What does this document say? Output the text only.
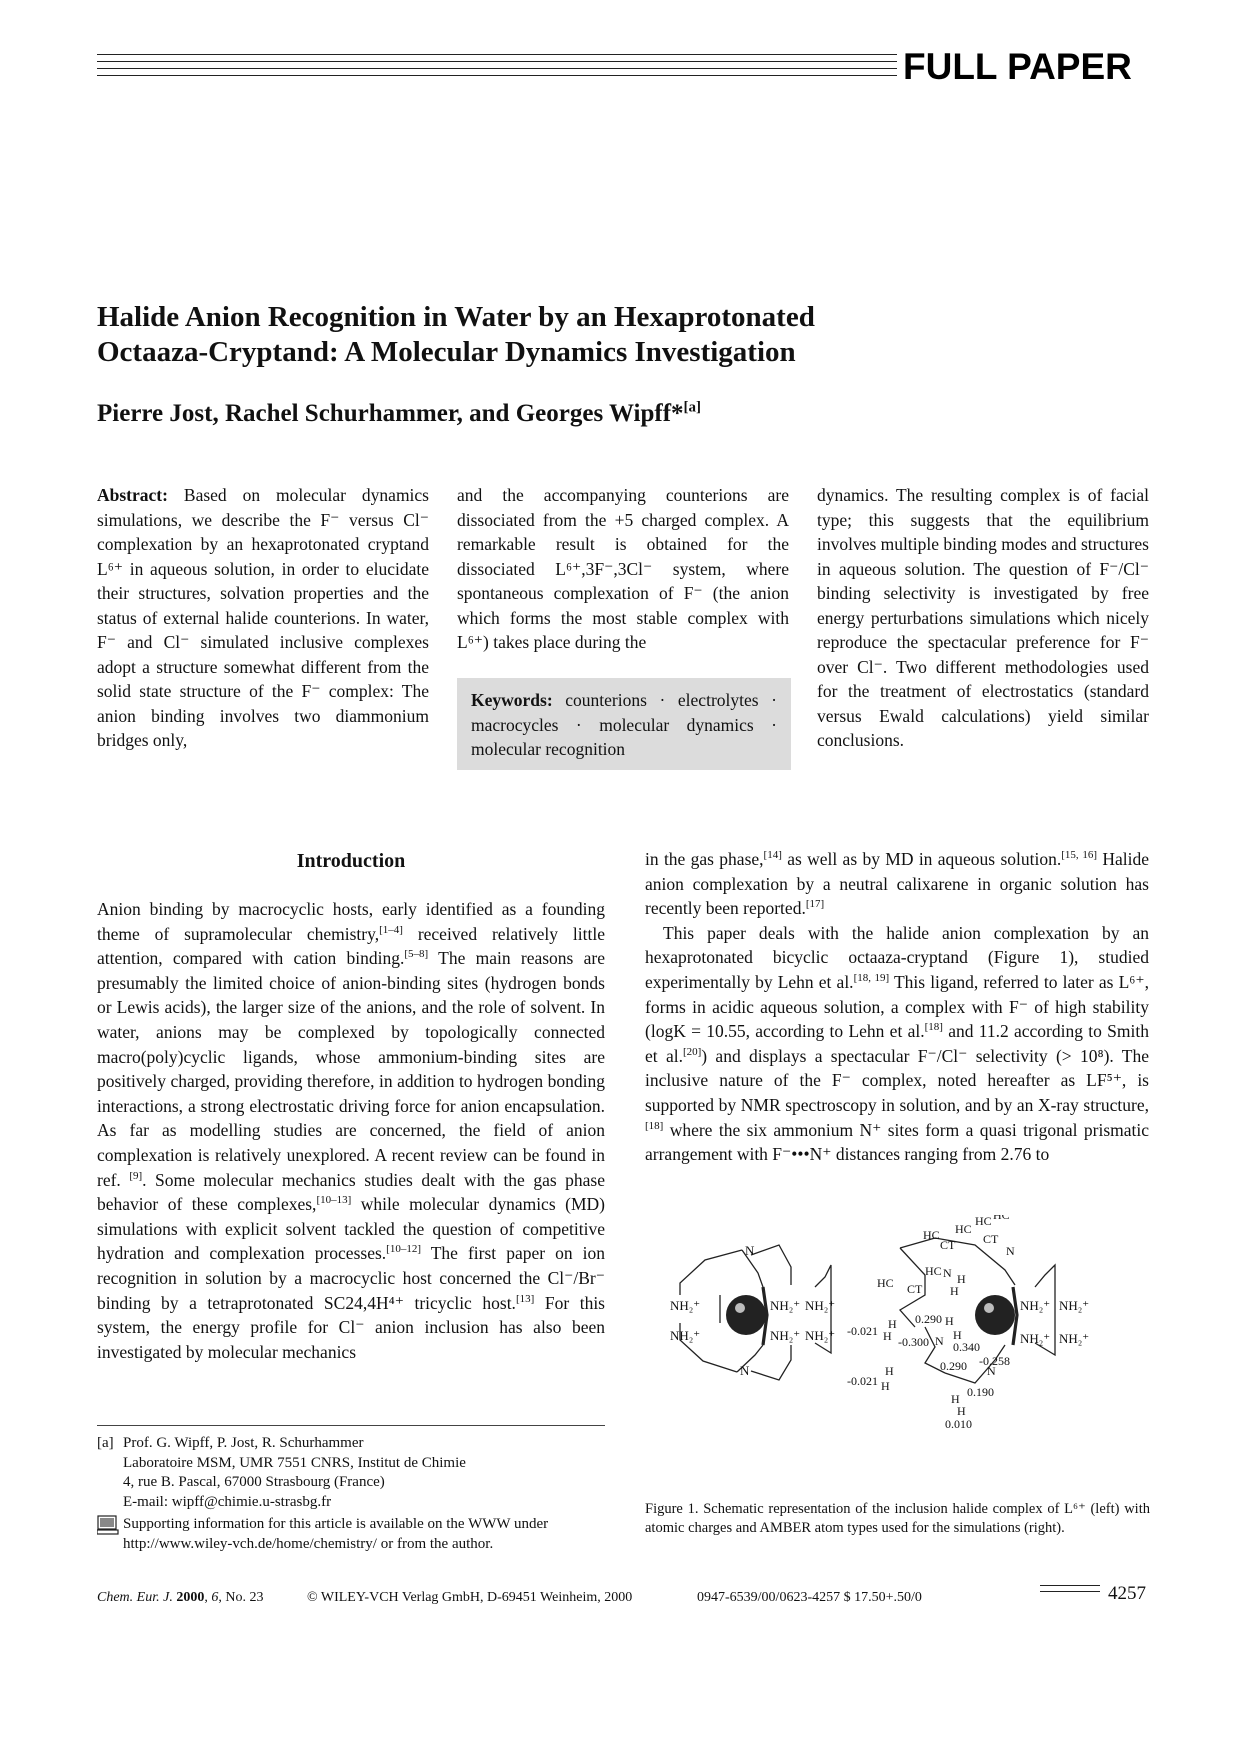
FULL PAPER
Halide Anion Recognition in Water by an Hexaprotonated
Octaaza-Cryptand: A Molecular Dynamics Investigation
Pierre Jost, Rachel Schurhammer, and Georges Wipff*[a]
Abstract: Based on molecular dynamics simulations, we describe the F⁻ versus Cl⁻ complexation by an hexaprotonated cryptand L⁶⁺ in aqueous solution, in order to elucidate their structures, solvation properties and the status of external halide counterions. In water, F⁻ and Cl⁻ simulated inclusive complexes adopt a structure somewhat different from the solid state structure of the F⁻ complex: The anion binding involves two diammonium bridges only,
and the accompanying counterions are dissociated from the +5 charged complex. A remarkable result is obtained for the dissociated L⁶⁺,3F⁻,3Cl⁻ system, where spontaneous complexation of F⁻ (the anion which forms the most stable complex with L⁶⁺) takes place during the
Keywords: counterions · electrolytes · macrocycles · molecular dynamics · molecular recognition
dynamics. The resulting complex is of facial type; this suggests that the equilibrium involves multiple binding modes and structures in aqueous solution. The question of F⁻/Cl⁻ binding selectivity is investigated by free energy perturbations simulations which nicely reproduce the spectacular preference for F⁻ over Cl⁻. Two different methodologies used for the treatment of electrostatics (standard versus Ewald calculations) yield similar conclusions.
Introduction

Anion binding by macrocyclic hosts, early identified as a founding theme of supramolecular chemistry,[1–4] received relatively little attention, compared with cation binding.[5–8] The main reasons are presumably the limited choice of anion-binding sites (hydrogen bonds or Lewis acids), the larger size of the anions, and the role of solvent. In water, anions may be complexed by topologically connected macro(poly)cyclic ligands, whose ammonium-binding sites are positively charged, providing therefore, in addition to hydrogen bonding interactions, a strong electrostatic driving force for anion encapsulation. As far as modelling studies are concerned, the field of anion complexation is relatively unexplored. A recent review can be found in ref. [9]. Some molecular mechanics studies dealt with the gas phase behavior of these complexes,[10–13] while molecular dynamics (MD) simulations with explicit solvent tackled the question of competitive hydration and complexation processes.[10–12] The first paper on ion recognition in solution by a macrocyclic host concerned the Cl⁻/Br⁻ binding by a tetraprotonated SC24,4H⁴⁺ tricyclic host.[13] For this system, the energy profile for Cl⁻ anion inclusion has also been investigated by molecular mechanics

in the gas phase,[14] as well as by MD in aqueous solution.[15, 16] Halide anion complexation by a neutral calixarene in organic solution has recently been reported.[17]

This paper deals with the halide anion complexation by an hexaprotonated bicyclic octaaza-cryptand (Figure 1), studied experimentally by Lehn et al.[18, 19] This ligand, referred to later as L⁶⁺, forms in acidic aqueous solution, a complex with F⁻ of high stability (logK = 10.55, according to Lehn et al.[18] and 11.2 according to Smith et al.[20]) and displays a spectacular F⁻/Cl⁻ selectivity (> 10⁸). The inclusive nature of the F⁻ complex, noted hereafter as LF⁵⁺, is supported by NMR spectroscopy in solution, and by an X-ray structure,[18] where the six ammonium N⁺ sites form a quasi trigonal prismatic arrangement with F⁻•••N⁺ distances ranging from 2.76 to

[a] Prof. G. Wipff, P. Jost, R. Schurhammer
Laboratoire MSM, UMR 7551 CNRS, Institut de Chimie
4, rue B. Pascal, 67000 Strasbourg (France)
E-mail: wipff@chimie.u-strasbg.fr
Supporting information for this article is available on the WWW under http://www.wiley-vch.de/home/chemistry/ or from the author.
N
NH₂⁺	NH₂⁺ NH₂⁺
NH₂⁺	NH₂⁺ NH₂⁺
N
HC
HC
HC
HC
CT CT
N
HC
HC CT
N H
H
0.290 H
-0.021 H
H -0.300 N H
0.340
-0.258
0.290
H
-0.021 H
N
0.190
H
H
0.010
NH₂⁺ NH₂⁺
NH₂⁺ NH₂⁺
Figure 1. Schematic representation of the inclusion halide complex of L⁶⁺ (left) with atomic charges and AMBER atom types used for the simulations (right).
Chem. Eur. J. 2000, 6, No. 23	© WILEY-VCH Verlag GmbH, D-69451 Weinheim, 2000	0947-6539/00/0623-4257 $ 17.50+.50/0	4257
